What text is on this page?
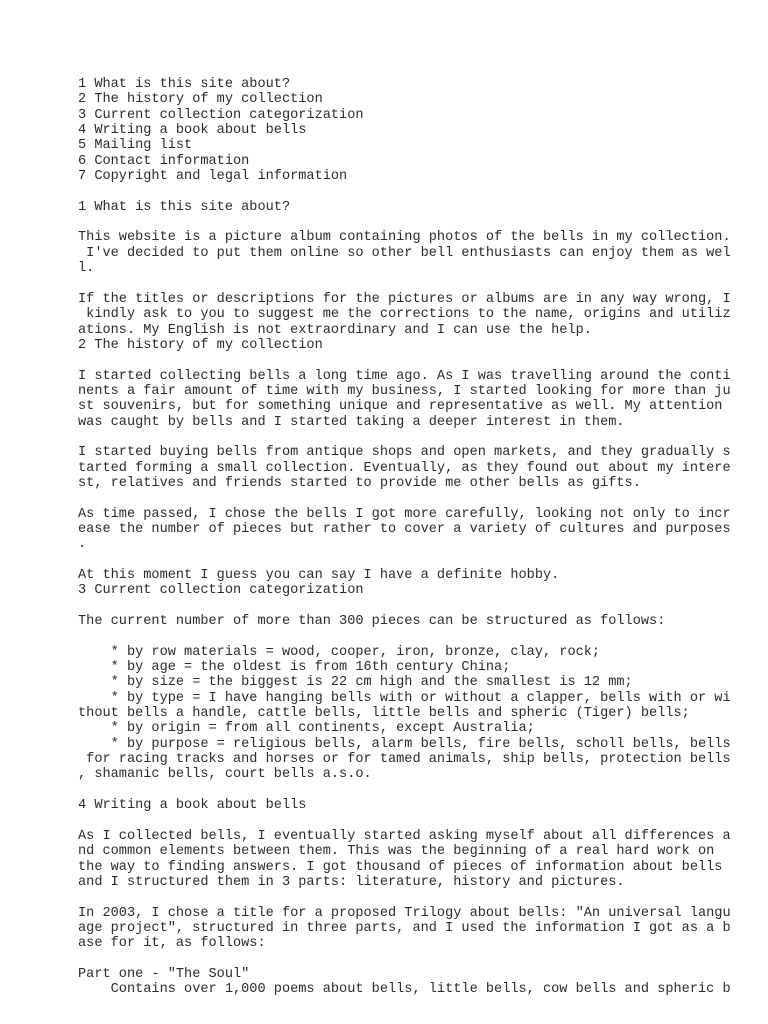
1 What is this site about?
2 The history of my collection
3 Current collection categorization
4 Writing a book about bells
5 Mailing list
6 Contact information
7 Copyright and legal information
1 What is this site about?
This website is a picture album containing photos of the bells in my collection.
I've decided to put them online so other bell enthusiasts can enjoy them as wel
l.
If the titles or descriptions for the pictures or albums are in any way wrong, I
kindly ask to you to suggest me the corrections to the name, origins and utiliz
ations. My English is not extraordinary and I can use the help.
2 The history of my collection
I started collecting bells a long time ago. As I was travelling around the conti
nents a fair amount of time with my business, I started looking for more than ju
st souvenirs, but for something unique and representative as well. My attention
was caught by bells and I started taking a deeper interest in them.
I started buying bells from antique shops and open markets, and they gradually s
tarted forming a small collection. Eventually, as they found out about my intere
st, relatives and friends started to provide me other bells as gifts.
As time passed, I chose the bells I got more carefully, looking not only to incr
ease the number of pieces but rather to cover a variety of cultures and purposes
.
At this moment I guess you can say I have a definite hobby.
3 Current collection categorization
The current number of more than 300 pieces can be structured as follows:
* by row materials = wood, cooper, iron, bronze, clay, rock;
* by age = the oldest is from 16th century China;
* by size = the biggest is 22 cm high and the smallest is 12 mm;
* by type = I have hanging bells with or without a clapper, bells with or wi
thout bells a handle, cattle bells, little bells and spheric (Tiger) bells;
* by origin = from all continents, except Australia;
* by purpose = religious bells, alarm bells, fire bells, scholl bells, bells
for racing tracks and horses or for tamed animals, ship bells, protection bells
, shamanic bells, court bells a.s.o.
4 Writing a book about bells
As I collected bells, I eventually started asking myself about all differences a
nd common elements between them. This was the beginning of a real hard work on
the way to finding answers. I got thousand of pieces of information about bells
and I structured them in 3 parts: literature, history and pictures.
In 2003, I chose a title for a proposed Trilogy about bells: "An universal langu
age project", structured in three parts, and I used the information I got as a b
ase for it, as follows:
Part one - "The Soul"
Contains over 1,000 poems about bells, little bells, cow bells and spheric b
